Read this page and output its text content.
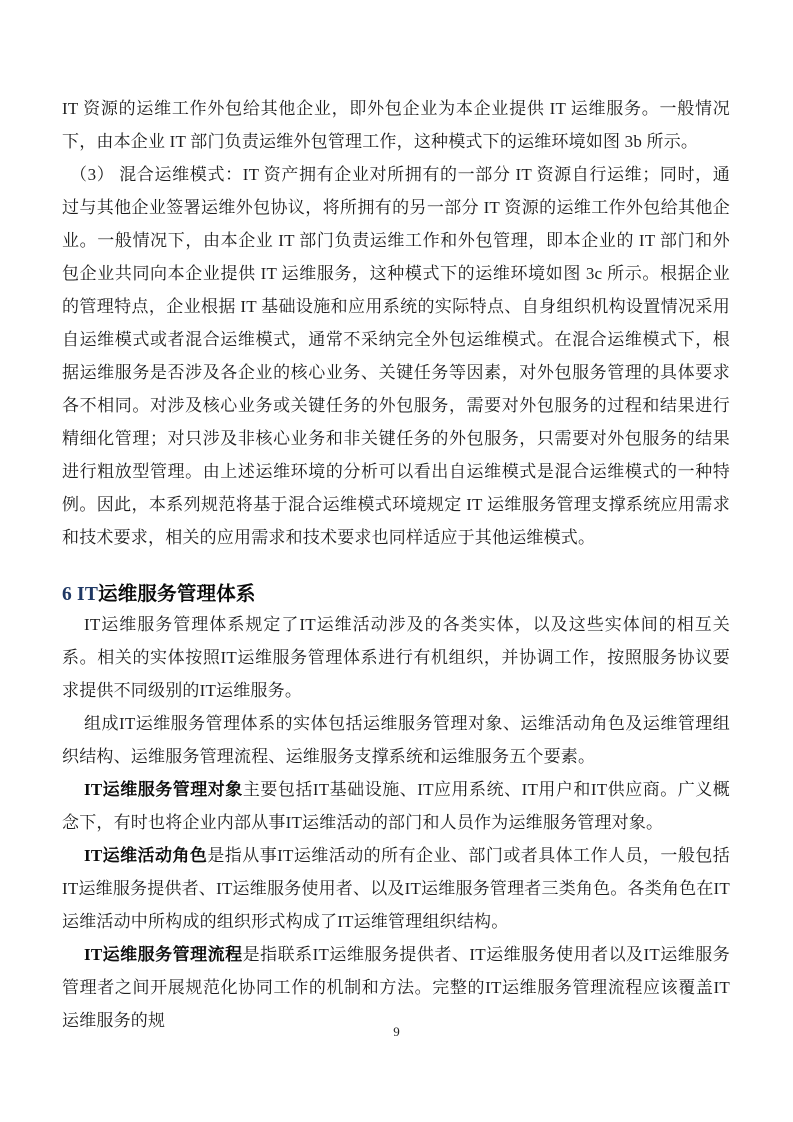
IT 资源的运维工作外包给其他企业，即外包企业为本企业提供 IT 运维服务。一般情况下，由本企业 IT 部门负责运维外包管理工作，这种模式下的运维环境如图 3b 所示。

（3） 混合运维模式：IT 资产拥有企业对所拥有的一部分 IT 资源自行运维；同时，通过与其他企业签署运维外包协议，将所拥有的另一部分 IT 资源的运维工作外包给其他企业。一般情况下，由本企业 IT 部门负责运维工作和外包管理，即本企业的 IT 部门和外包企业共同向本企业提供 IT 运维服务，这种模式下的运维环境如图 3c 所示。根据企业的管理特点，企业根据 IT 基础设施和应用系统的实际特点、自身组织机构设置情况采用自运维模式或者混合运维模式，通常不采纳完全外包运维模式。在混合运维模式下，根据运维服务是否涉及各企业的核心业务、关键任务等因素，对外包服务管理的具体要求各不相同。对涉及核心业务或关键任务的外包服务，需要对外包服务的过程和结果进行精细化管理；对只涉及非核心业务和非关键任务的外包服务，只需要对外包服务的结果进行粗放型管理。由上述运维环境的分析可以看出自运维模式是混合运维模式的一种特例。因此，本系列规范将基于混合运维模式环境规定 IT 运维服务管理支撑系统应用需求和技术要求，相关的应用需求和技术要求也同样适应于其他运维模式。

6 IT运维服务管理体系

IT运维服务管理体系规定了IT运维活动涉及的各类实体，以及这些实体间的相互关系。相关的实体按照IT运维服务管理体系进行有机组织，并协调工作，按照服务协议要求提供不同级别的IT运维服务。

组成IT运维服务管理体系的实体包括运维服务管理对象、运维活动角色及运维管理组织结构、运维服务管理流程、运维服务支撑系统和运维服务五个要素。

IT运维服务管理对象主要包括IT基础设施、IT应用系统、IT用户和IT供应商。广义概念下，有时也将企业内部从事IT运维活动的部门和人员作为运维服务管理对象。

IT运维活动角色是指从事IT运维活动的所有企业、部门或者具体工作人员，一般包括IT运维服务提供者、IT运维服务使用者、以及IT运维服务管理者三类角色。各类角色在IT运维活动中所构成的组织形式构成了IT运维管理组织结构。

IT运维服务管理流程是指联系IT运维服务提供者、IT运维服务使用者以及IT运维服务管理者之间开展规范化协同工作的机制和方法。完整的IT运维服务管理流程应该覆盖IT运维服务的规

9
